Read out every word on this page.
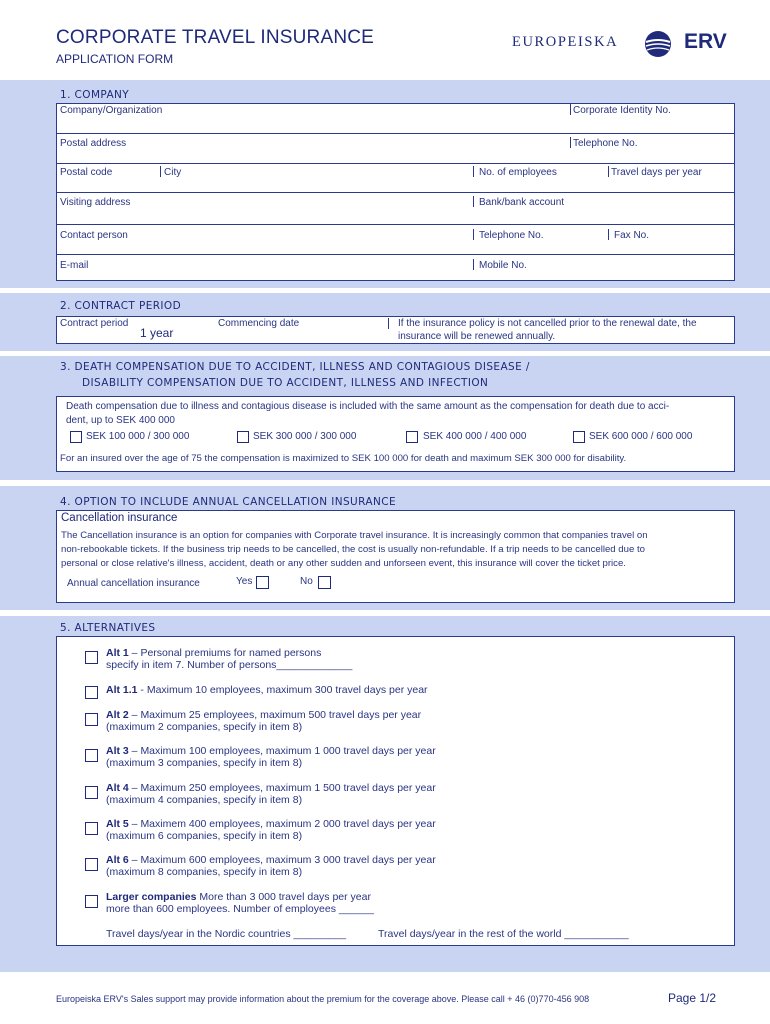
CORPORATE TRAVEL INSURANCE
APPLICATION FORM
EUROPEISKA	ERV
1. COMPANY
Company/Organization	Corporate Identity No.
Postal address	Telephone No.
Postal code	City	No. of employees	Travel days per year
Visiting address	Bank/bank account
Contact person	Telephone No.	Fax No.
E-mail	Mobile No.
2. CONTRACT PERIOD
Contract period
1 year
Commencing date	If the insurance policy is not cancelled prior to the renewal date, the
insurance will be renewed annually.
3. DEATH COMPENSATION DUE TO ACCIDENT, ILLNESS AND CONTAGIOUS DISEASE /
DISABILITY COMPENSATION DUE TO ACCIDENT, ILLNESS AND INFECTION
Death compensation due to illness and contagious disease is included with the same amount as the compensation for death due to acci-
dent, up to SEK 400 000
SEK 100 000 / 300 000	SEK 300 000 / 300 000	SEK 400 000 / 400 000	SEK 600 000 / 600 000
For an insured over the age of 75 the compensation is maximized to SEK 100 000 for death and maximum SEK 300 000 for disability.
4. OPTION TO INCLUDE ANNUAL CANCELLATION INSURANCE
Cancellation insurance
The Cancellation insurance is an option for companies with Corporate travel insurance. It is increasingly common that companies travel on
non-rebookable tickets. If the business trip needs to be cancelled, the cost is usually non-refundable. If a trip needs to be cancelled due to
personal or close relative's illness, accident, death or any other sudden and unforseen event, this insurance will cover the ticket price.
Annual cancellation insurance	Yes	No
5. ALTERNATIVES
Alt 1 – Personal premiums for named persons
specify in item 7. Number of persons_____________
Alt 1.1 - Maximum 10 employees, maximum 300 travel days per year
Alt 2 – Maximum 25 employees, maximum 500 travel days per year
(maximum 2 companies, specify in item 8)
Alt 3 – Maximum 100 employees, maximum 1 000 travel days per year
(maximum 3 companies, specify in item 8)
Alt 4 – Maximum 250 employees, maximum 1 500 travel days per year
(maximum 4 companies, specify in item 8)
Alt 5 – Maximem 400 employees, maximum 2 000 travel days per year
(maximum 6 companies, specify in item 8)
Alt 6 – Maximum 600 employees, maximum 3 000 travel days per year
(maximum 8 companies, specify in item 8)
Larger companies More than 3 000 travel days per year
more than 600 employees. Number of employees ______
Travel days/year in the Nordic countries _________	Travel days/year in the rest of the world ___________
Europeiska ERV's Sales support may provide information about the premium for the coverage above. Please call + 46 (0)770-456 908	Page 1/2
